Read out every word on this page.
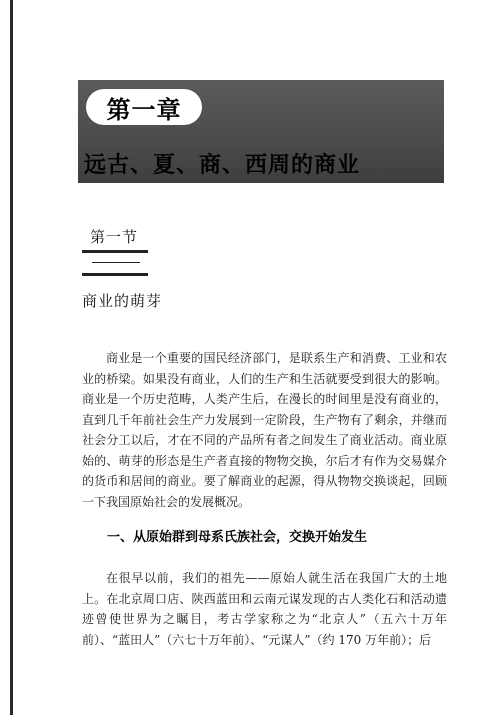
第一章
远古、夏、商、西周的商业
第一节
商业的萌芽

商业是一个重要的国民经济部门，是联系生产和消费、工业和农业的桥梁。如果没有商业，人们的生产和生活就要受到很大的影响。商业是一个历史范畴，人类产生后，在漫长的时间里是没有商业的，直到几千年前社会生产力发展到一定阶段，生产物有了剩余，并继而社会分工以后，才在不同的产品所有者之间发生了商业活动。商业原始的、萌芽的形态是生产者直接的物物交换，尔后才有作为交易媒介的货币和居间的商业。要了解商业的起源，得从物物交换谈起，回顾一下我国原始社会的发展概况。

一、从原始群到母系氏族社会，交换开始发生

在很早以前，我们的祖先——原始人就生活在我国广大的土地上。在北京周口店、陕西蓝田和云南元谋发现的古人类化石和活动遗迹曾使世界为之瞩目，考古学家称之为“北京人”（五六十万年前）、“蓝田人”（六七十万年前）、“元谋人”（约 170 万年前）；后
